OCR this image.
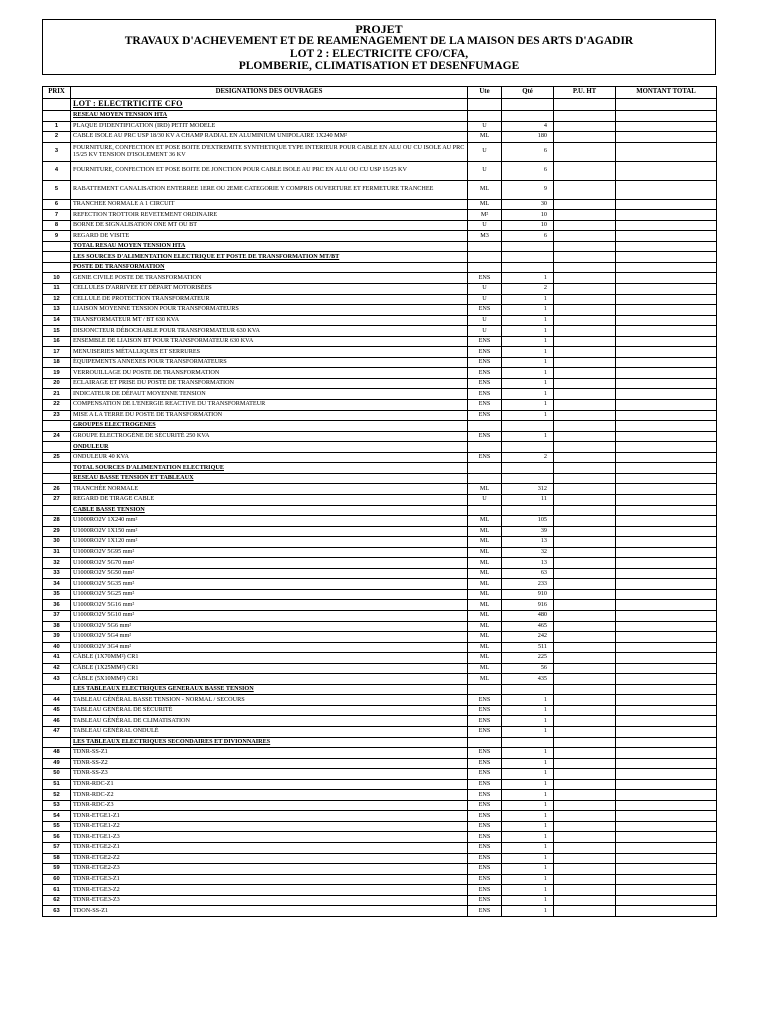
PROJET
TRAVAUX D'ACHEVEMENT ET DE REAMENAGEMENT DE LA MAISON DES ARTS D'AGADIR
LOT 2 : ELECTRICITE CFO/CFA,
PLOMBERIE, CLIMATISATION ET DESENFUMAGE
PRIX	DESIGNATIONS DES OUVRAGES	Ute	Qté	P.U. HT	MONTANT TOTAL
	LOT : ELECTRTICITE CFO				
	RESEAU MOYEN TENSION HTA				
1	PLAQUE D'IDENTIFICATION (IRD) PETIT MODELE	U	4		
2	CABLE ISOLE AU PRC USP 18/30 KV A CHAMP RADIAL EN ALUMINIUM UNIPOLAIRE 1X240 MM²	ML	180		
3	FOURNITURE, CONFECTION ET POSE BOITE D'EXTREMITE SYNTHETIQUE TYPE INTERIEUR POUR CABLE EN ALU OU CU ISOLE AU PRC 15/25 KV TENSION D'ISOLEMENT 36 KV	U	6		
4	FOURNITURE, CONFECTION ET POSE BOITE DE JONCTION POUR CABLE ISOLE AU PRC EN ALU OU CU USP 15/25 KV	U	6		
5	RABATTEMENT CANALISATION ENTERREE 1ERE OU 2EME CATEGORIE Y COMPRIS OUVERTURE ET FERMETURE TRANCHEE	ML	9		
6	TRANCHEE NORMALE A 1 CIRCUIT	ML	30		
7	REFECTION TROTTOIR REVETEMENT ORDINAIRE	M²	10		
8	BORNE DE SIGNALISATION ONE MT OU BT	U	10		
9	REGARD DE VISITE	M3	6		
	TOTAL RESAU MOYEN TENSION HTA				
	LES SOURCES D'ALIMENTATION ELECTRIQUE ET POSTE DE TRANSFORMATION MT/BT				
	POSTE DE TRANSFORMATION				
10	GENIE CIVILE POSTE DE TRANSFORMATION	ENS	1		
11	CELLULES D'ARRIVEE ET DÉPART MOTORISÉES	U	2		
12	CELLULE DE PROTECTION TRANSFORMATEUR	U	1		
13	LIAISON MOYENNE TENSION POUR TRANSFORMATEURS	ENS	1		
14	TRANSFORMATEUR MT / BT 630 KVA	U	1		
15	DISJONCTEUR DÉBOCHABLE POUR TRANSFORMATEUR 630 KVA	U	1		
16	ENSEMBLE DE LIAISON BT POUR TRANSFORMATEUR 630 KVA	ENS	1		
17	MENUISERIES MÉTALLIQUES ET SERRURES	ENS	1		
18	ÉQUIPEMENTS ANNEXES POUR TRANSFORMATEURS	ENS	1		
19	VERROUILLAGE DU POSTE DE TRANSFORMATION	ENS	1		
20	ECLAIRAGE ET PRISE DU POSTE DE TRANSFORMATION	ENS	1		
21	INDICATEUR DE DÉFAUT MOYENNE TENSION	ENS	1		
22	COMPENSATION DE L'ENERGIE REACTIVE DU TRANSFORMATEUR	ENS	1		
23	MISE A LA TERRE DU POSTE DE TRANSFORMATION	ENS	1		
	GROUPES ELECTROGENES				
24	GROUPE ÉLECTROGÈNE DE SÉCURITÉ 250 KVA	ENS	1		
	ONDULEUR				
25	ONDULEUR 40 KVA	ENS	2		
	TOTAL SOURCES D'ALIMENTATION ELECTRIQUE				
	RESEAU BASSE TENSION ET TABLEAUX				
26	TRANCHÉE NORMALE	ML	312		
27	REGARD DE TIRAGE CABLE	U	11		
	CABLE BASSE TENSION				
28	U1000RO2V 1X240 mm²	ML	105		
29	U1000RO2V 1X150 mm²	ML	39		
30	U1000RO2V 1X120 mm²	ML	13		
31	U1000RO2V 5G95 mm²	ML	32		
32	U1000RO2V 5G70 mm²	ML	13		
33	U1000RO2V 5G50 mm²	ML	63		
34	U1000RO2V 5G35 mm²	ML	233		
35	U1000RO2V 5G25 mm²	ML	910		
36	U1000RO2V 5G16 mm²	ML	916		
37	U1000RO2V 5G10 mm²	ML	480		
38	U1000RO2V 5G6 mm²	ML	465		
39	U1000RO2V 5G4 mm²	ML	242		
40	U1000RO2V 3G4 mm²	ML	511		
41	CÂBLE (1X70MM²) CR1	ML	225		
42	CÂBLE (1X25MM²) CR1	ML	56		
43	CÂBLE (5X10MM²) CR1	ML	435		
	LES TABLEAUX ELECTRIQUES GENERAUX BASSE TENSION				
44	TABLEAU GÉNÉRAL BASSE TENSION - NORMAL / SECOURS	ENS	1		
45	TABLEAU GÉNÉRAL DE SÉCURITÉ	ENS	1		
46	TABLEAU GÉNÉRAL DE CLIMATISATION	ENS	1		
47	TABLEAU GÉNÉRAL ONDULÉ	ENS	1		
	LES TABLEAUX ELECTRIQUES SECONDAIRES ET DIVIONNAIRES				
48	TDNR-SS-Z1	ENS	1		
49	TDNR-SS-Z2	ENS	1		
50	TDNR-SS-Z3	ENS	1		
51	TDNR-RDC-Z1	ENS	1		
52	TDNR-RDC-Z2	ENS	1		
53	TDNR-RDC-Z3	ENS	1		
54	TDNR-ETGE1-Z1	ENS	1		
55	TDNR-ETGE1-Z2	ENS	1		
56	TDNR-ETGE1-Z3	ENS	1		
57	TDNR-ETGE2-Z1	ENS	1		
58	TDNR-ETGE2-Z2	ENS	1		
59	TDNR-ETGE2-Z3	ENS	1		
60	TDNR-ETGE3-Z1	ENS	1		
61	TDNR-ETGE3-Z2	ENS	1		
62	TDNR-ETGE3-Z3	ENS	1		
63	TDON-SS-Z1	ENS	1		
